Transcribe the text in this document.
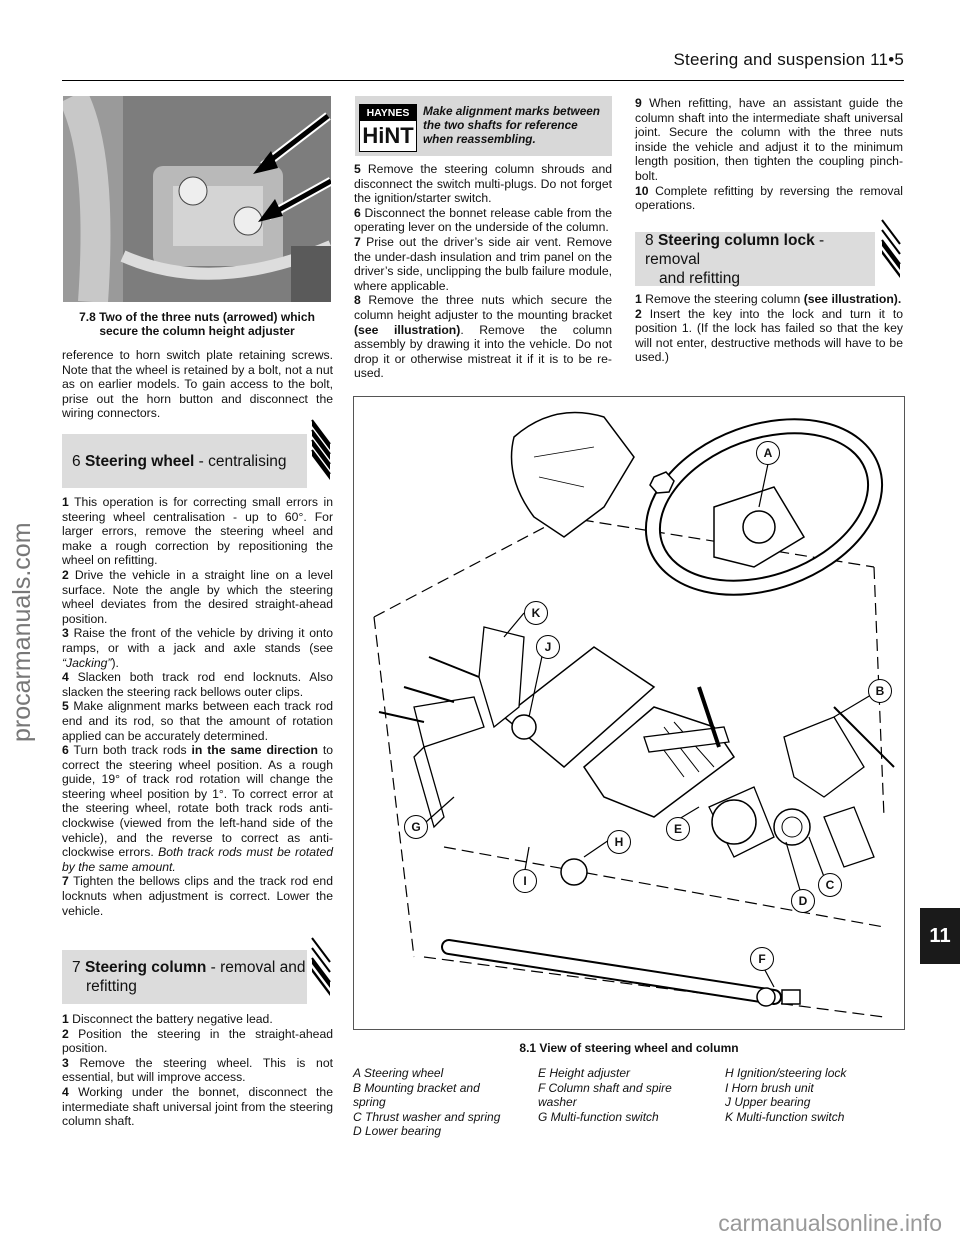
Steering and suspension 11•5
7.8 Two of the three nuts (arrowed) which
secure the column height adjuster

reference to horn switch plate retaining screws. Note that the wheel is retained by a bolt, not a nut as on earlier models. To gain access to the bolt, prise out the horn button and disconnect the wiring connectors.

6 Steering wheel - centralising

1 This operation is for correcting small errors in steering wheel centralisation - up to 60°. For larger errors, remove the steering wheel and make a rough correction by repositioning the wheel on refitting.

2 Drive the vehicle in a straight line on a level surface. Note the angle by which the steering wheel deviates from the desired straight-ahead position.

3 Raise the front of the vehicle by driving it onto ramps, or with a jack and axle stands (see “Jacking”).

4 Slacken both track rod end locknuts. Also slacken the steering rack bellows outer clips.

5 Make alignment marks between each track rod end and its rod, so that the amount of rotation applied can be accurately determined.

6 Turn both track rods in the same direction to correct the steering wheel position. As a rough guide, 19° of track rod rotation will change the steering wheel position by 1°. To correct error at the steering wheel, rotate both track rods anti-clockwise (viewed from the left-hand side of the vehicle), and the reverse to correct as anti-clockwise errors. Both track rods must be rotated by the same amount.

7 Tighten the bellows clips and the track rod end locknuts when adjustment is correct. Lower the vehicle.

7 Steering column - removal and
refitting

1 Disconnect the battery negative lead.

2 Position the steering in the straight-ahead position.

3 Remove the steering wheel. This is not essential, but will improve access.

4 Working under the bonnet, disconnect the intermediate shaft universal joint from the steering column shaft.

HAYNES
HiNT
Make alignment marks between the two shafts for reference when reassembling.

5 Remove the steering column shrouds and disconnect the switch multi-plugs. Do not forget the ignition/starter switch.

6 Disconnect the bonnet release cable from the operating lever on the underside of the column.

7 Prise out the driver’s side air vent. Remove the under-dash insulation and trim panel on the driver’s side, unclipping the bulb failure module, where applicable.

8 Remove the three nuts which secure the column height adjuster to the mounting bracket (see illustration). Remove the column assembly by drawing it into the vehicle. Do not drop it or otherwise mistreat it if it is to be re-used.

9 When refitting, have an assistant guide the column shaft into the intermediate shaft universal joint. Secure the column with the three nuts inside the vehicle and adjust it to the minimum length position, then tighten the coupling pinch-bolt.

10 Complete refitting by reversing the removal operations.

8 Steering column lock - removal
and refitting

1 Remove the steering column (see illustration).

2 Insert the key into the lock and turn it to position 1. (If the lock has failed so that the key will not enter, destructive methods will have to be used.)

A
B
C
D
E
F
G
H
I
J
K
8.1 View of steering wheel and column
A Steering wheel
B Mounting bracket and
spring
C Thrust washer and spring
D Lower bearing
E Height adjuster
F Column shaft and spire
washer
G Multi-function switch
H Ignition/steering lock
I Horn brush unit
J Upper bearing
K Multi-function switch
11
procarmanuals.com
carmanualsonline.info
